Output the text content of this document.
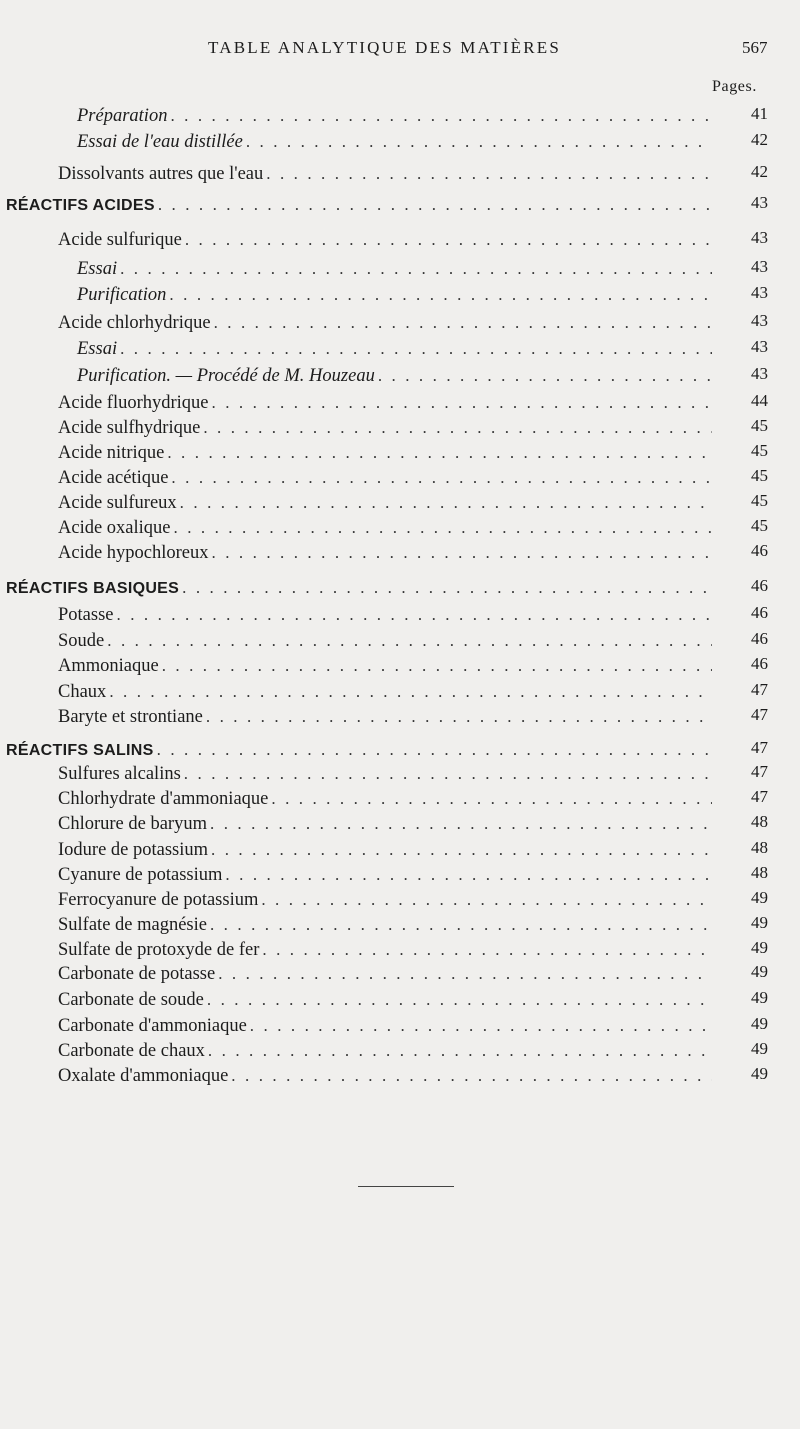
TABLE ANALYTIQUE DES MATIÈRES	567
Pages.
Préparation . . .	41
Essai de l'eau distillée . . .	42
Dissolvants autres que l'eau . . .	42
RÉACTIFS ACIDES . . .	43
Acide sulfurique . . .	43
Essai . . .	43
Purification . . .	43
Acide chlorhydrique . . .	43
Essai . . .	43
Purification. — Procédé de M. Houzeau . . .	43
Acide fluorhydrique . . .	44
Acide sulfhydrique . . .	45
Acide nitrique . . .	45
Acide acétique . . .	45
Acide sulfureux . . .	45
Acide oxalique . . .	45
Acide hypochloreux . . .	46
RÉACTIFS BASIQUES . . .	46
Potasse . . .	46
Soude . . .	46
Ammoniaque . . .	46
Chaux . . .	47
Baryte et strontiane . . .	47
RÉACTIFS SALINS . . .	47
Sulfures alcalins . . .	47
Chlorhydrate d'ammoniaque . . .	47
Chlorure de baryum . . .	48
Iodure de potassium . . .	48
Cyanure de potassium . . .	48
Ferrocyanure de potassium . . .	49
Sulfate de magnésie . . .	49
Sulfate de protoxyde de fer . . .	49
Carbonate de potasse . . .	49
Carbonate de soude . . .	49
Carbonate d'ammoniaque . . .	49
Carbonate de chaux . . .	49
Oxalate d'ammoniaque . . .	49
